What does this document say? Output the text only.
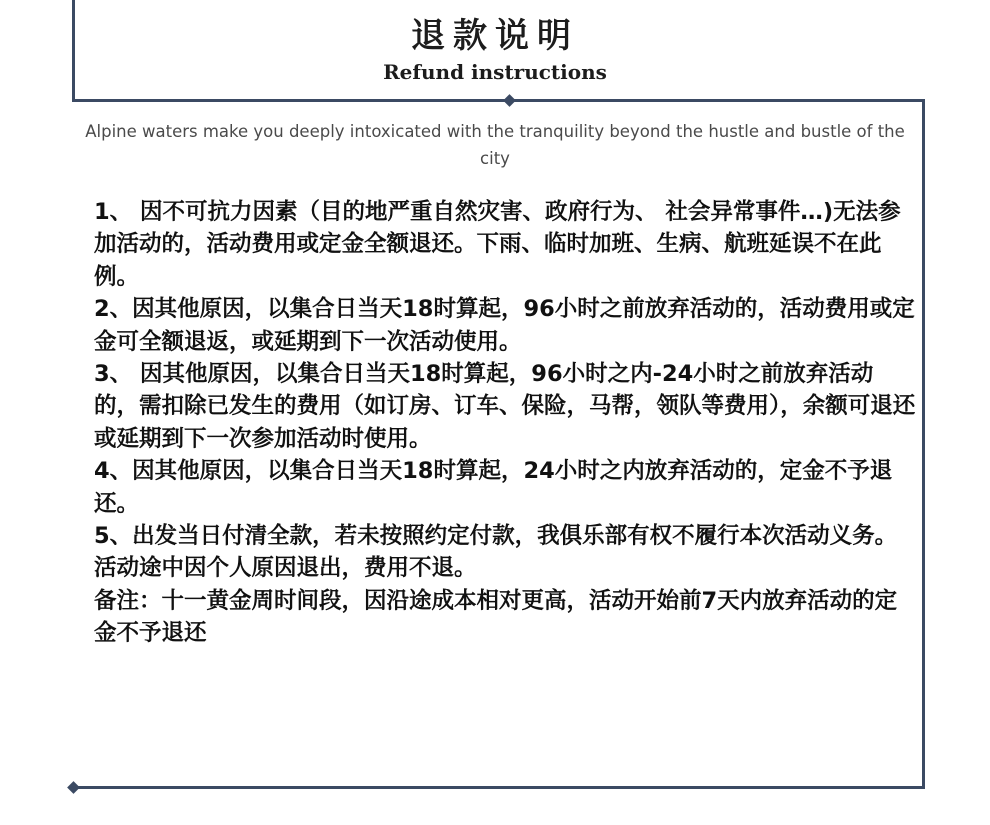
退款说明
Refund instructions
Alpine waters make you deeply intoxicated with the tranquility beyond the hustle and bustle of the city

1、 因不可抗力因素（目的地严重自然灾害、政府行为、 社会异常事件…)无法参加活动的，活动费用或定金全额退还。下雨、临时加班、生病、航班延误不在此例。

2、因其他原因，以集合日当天18时算起，96小时之前放弃活动的，活动费用或定金可全额退返，或延期到下一次活动使用。

3、 因其他原因，以集合日当天18时算起，96小时之内-24小时之前放弃活动的，需扣除已发生的费用（如订房、订车、保险，马帮，领队等费用），余额可退还或延期到下一次参加活动时使用。

4、因其他原因，以集合日当天18时算起，24小时之内放弃活动的，定金不予退还。

5、出发当日付清全款，若未按照约定付款，我俱乐部有权不履行本次活动义务。活动途中因个人原因退出，费用不退。

备注：十一黄金周时间段，因沿途成本相对更高，活动开始前7天内放弃活动的定金不予退还
